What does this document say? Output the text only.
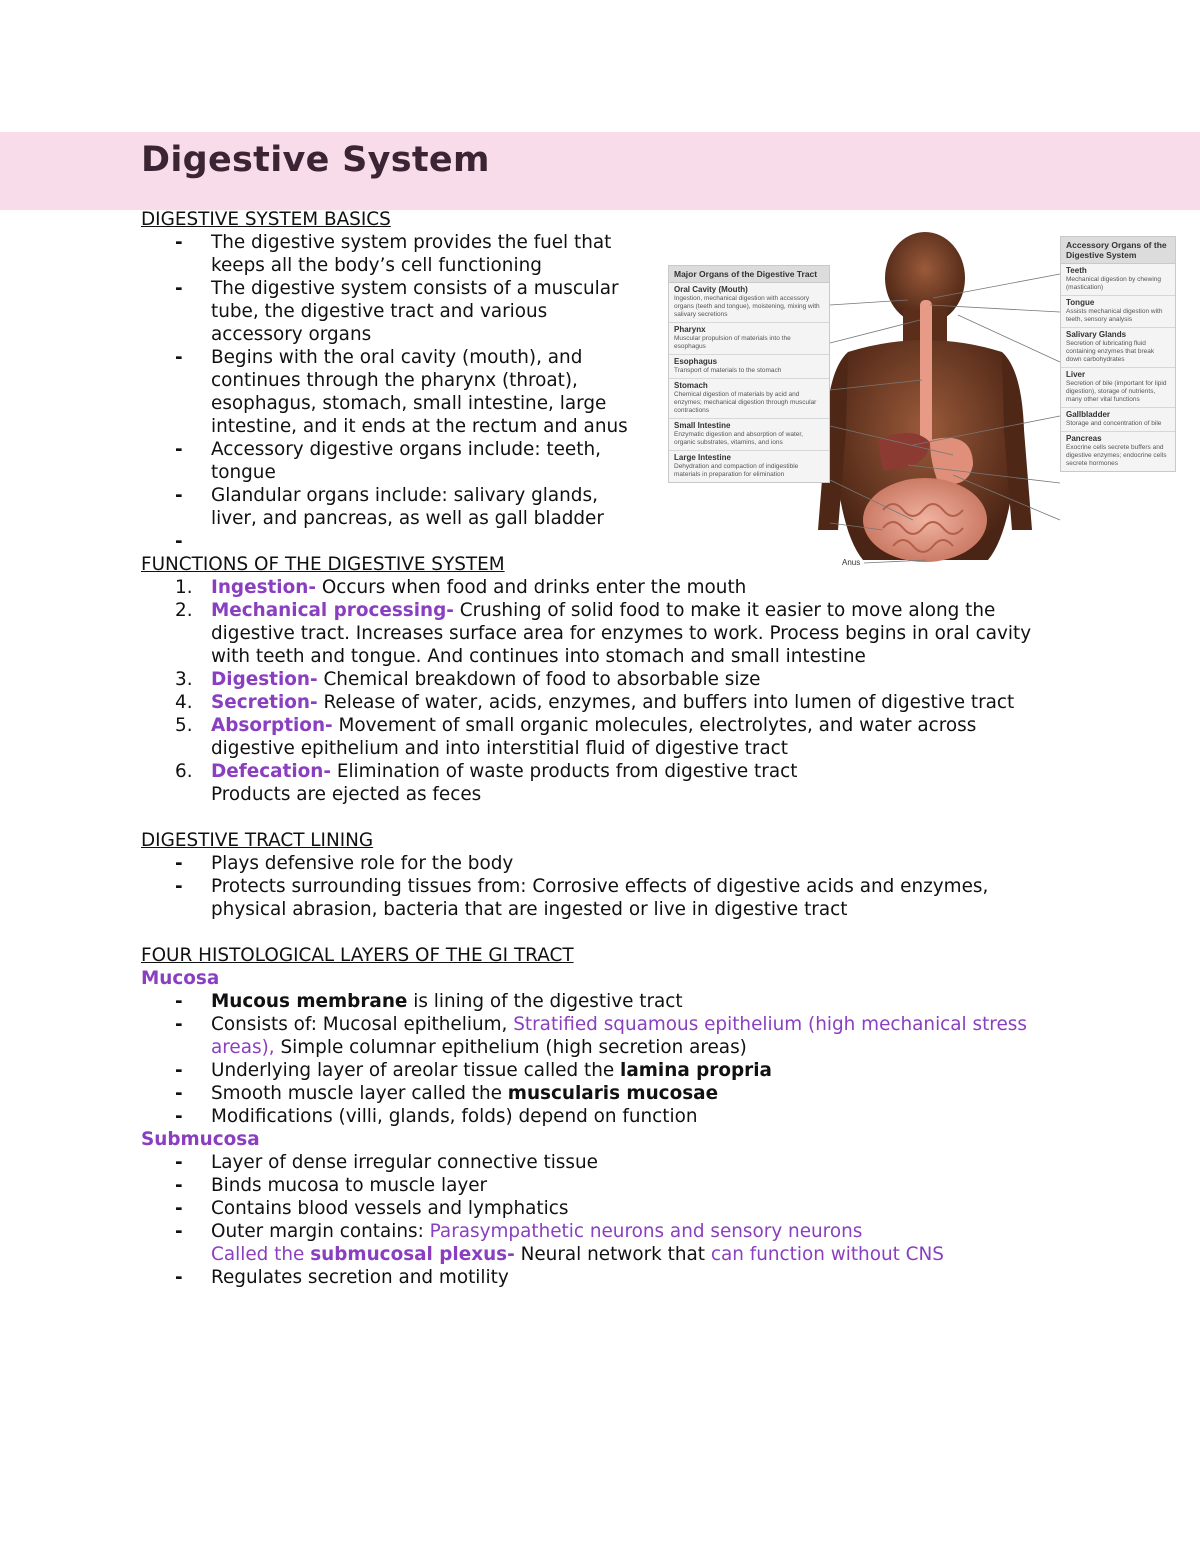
Digestive System

DIGESTIVE SYSTEM BASICS

- The digestive system provides the fuel that keeps all the body’s cell functioning
- The digestive system consists of a muscular tube, the digestive tract and various accessory organs
- Begins with the oral cavity (mouth), and continues through the pharynx (throat), esophagus, stomach, small intestine, large intestine, and it ends at the rectum and anus
- Accessory digestive organs include: teeth, tongue
- Glandular organs include: salivary glands, liver, and pancreas, as well as gall bladder
-

FUNCTIONS OF THE DIGESTIVE SYSTEM

1. Ingestion- Occurs when food and drinks enter the mouth
2. Mechanical processing- Crushing of solid food to make it easier to move along the digestive tract. Increases surface area for enzymes to work. Process begins in oral cavity with teeth and tongue. And continues into stomach and small intestine
3. Digestion- Chemical breakdown of food to absorbable size
4. Secretion- Release of water, acids, enzymes, and buffers into lumen of digestive tract
5. Absorption- Movement of small organic molecules, electrolytes, and water across digestive epithelium and into interstitial fluid of digestive tract
6. Defecation- Elimination of waste products from digestive tract
Products are ejected as feces

DIGESTIVE TRACT LINING

- Plays defensive role for the body
- Protects surrounding tissues from: Corrosive effects of digestive acids and enzymes, physical abrasion, bacteria that are ingested or live in digestive tract

FOUR HISTOLOGICAL LAYERS OF THE GI TRACT

Mucosa

- Mucous membrane is lining of the digestive tract
- Consists of: Mucosal epithelium, Stratified squamous epithelium (high mechanical stress areas), Simple columnar epithelium (high secretion areas)
- Underlying layer of areolar tissue called the lamina propria
- Smooth muscle layer called the muscularis mucosae
- Modifications (villi, glands, folds) depend on function

Submucosa

- Layer of dense irregular connective tissue
- Binds mucosa to muscle layer
- Contains blood vessels and lymphatics
- Outer margin contains: Parasympathetic neurons and sensory neurons
Called the submucosal plexus- Neural network that can function without CNS
- Regulates secretion and motility
Major Organs of the Digestive Tract
Oral Cavity (Mouth)
Ingestion, mechanical digestion with accessory organs (teeth and tongue), moistening, mixing with salivary secretions
Pharynx
Muscular propulsion of materials into the esophagus
Esophagus
Transport of materials to the stomach
Stomach
Chemical digestion of materials by acid and enzymes; mechanical digestion through muscular contractions
Small Intestine
Enzymatic digestion and absorption of water, organic substrates, vitamins, and ions
Large Intestine
Dehydration and compaction of indigestible materials in preparation for elimination
Accessory Organs of the Digestive System
Teeth
Mechanical digestion by chewing (mastication)
Tongue
Assists mechanical digestion with teeth, sensory analysis
Salivary Glands
Secretion of lubricating fluid containing enzymes that break down carbohydrates
Liver
Secretion of bile (important for lipid digestion), storage of nutrients, many other vital functions
Gallbladder
Storage and concentration of bile
Pancreas
Exocrine cells secrete buffers and digestive enzymes; endocrine cells secrete hormones
Anus
